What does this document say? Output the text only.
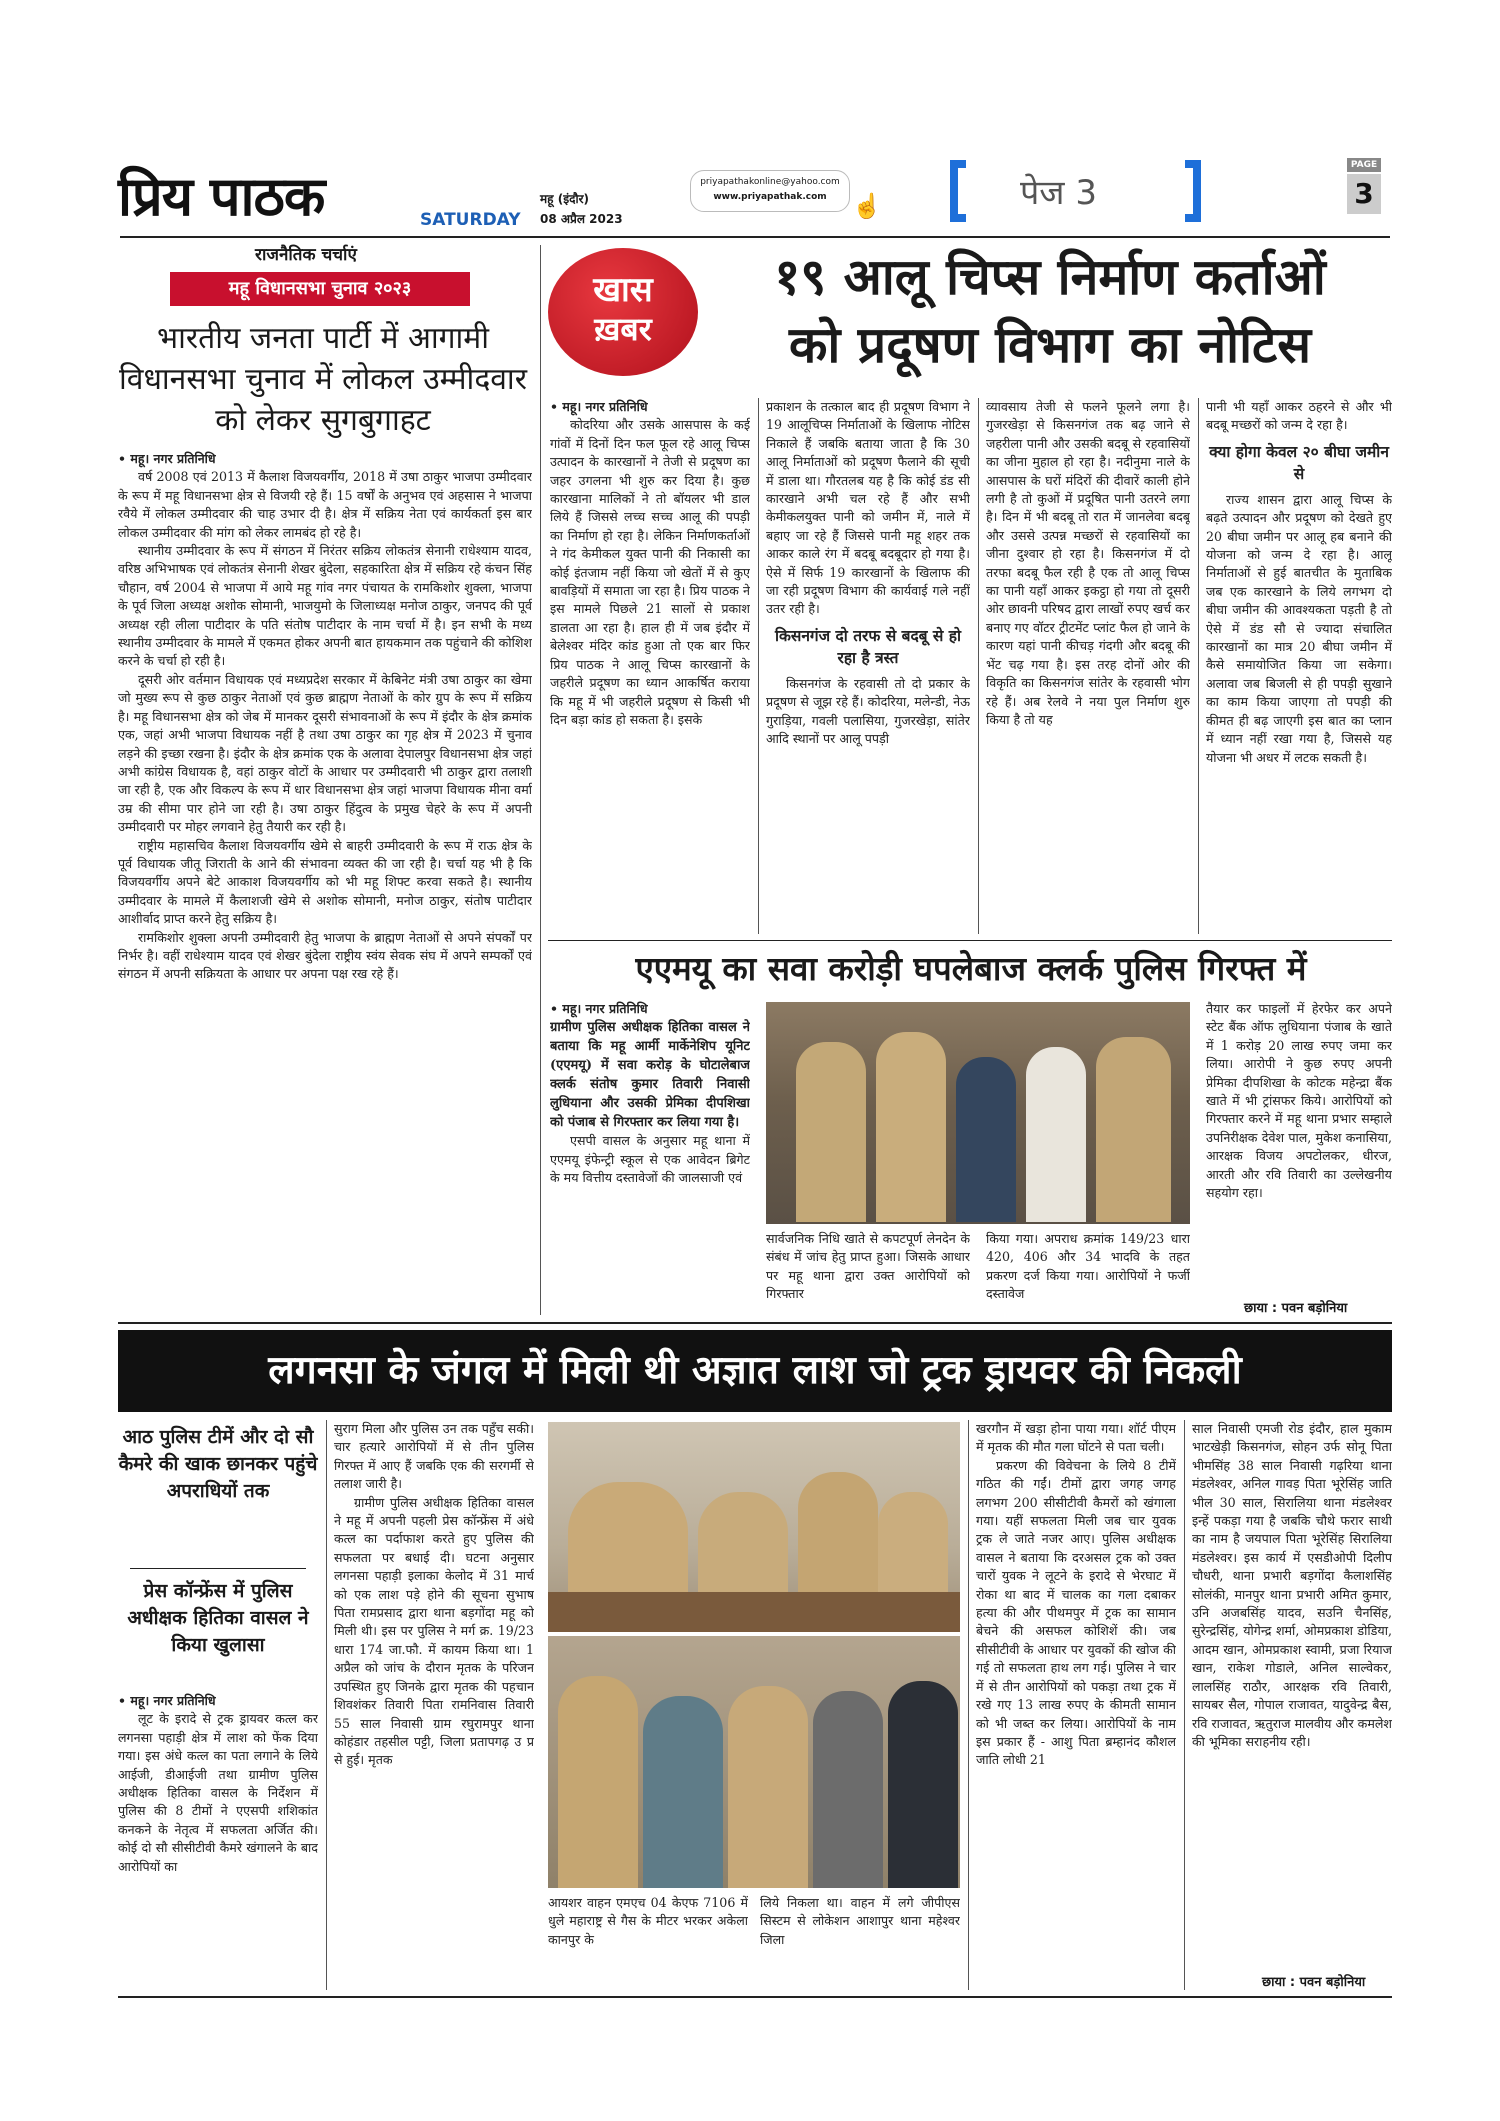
प्रिय पाठक	SATURDAY
महू (इंदौर)
08 अप्रैल 2023
priyapathakonline@yahoo.com
www.priyapathak.com	☝	पेज 3
PAGE
3
राजनैतिक चर्चाएं
महू विधानसभा चुनाव २०२३
भारतीय जनता पार्टी में आगामी विधानसभा चुनाव में लोकल उम्मीदवार को लेकर सुगबुगाहट
• महू। नगर प्रतिनिधि

वर्ष 2008 एवं 2013 में कैलाश विजयवर्गीय, 2018 में उषा ठाकुर भाजपा उम्मीदवार के रूप में महू विधानसभा क्षेत्र से विजयी रहे हैं। 15 वर्षों के अनुभव एवं अहसास ने भाजपा रवैये में लोकल उम्मीदवार की चाह उभार दी है। क्षेत्र में सक्रिय नेता एवं कार्यकर्ता इस बार लोकल उम्मीदवार की मांग को लेकर लामबंद हो रहे है।

स्थानीय उम्मीदवार के रूप में संगठन में निरंतर सक्रिय लोकतंत्र सेनानी राधेश्याम यादव, वरिष्ठ अभिभाषक एवं लोकतंत्र सेनानी शेखर बुंदेला, सहकारिता क्षेत्र में सक्रिय रहे कंचन सिंह चौहान, वर्ष 2004 से भाजपा में आये महू गांव नगर पंचायत के रामकिशोर शुक्ला, भाजपा के पूर्व जिला अध्यक्ष अशोक सोमानी, भाजयुमो के जिलाध्यक्ष मनोज ठाकुर, जनपद की पूर्व अध्यक्ष रही लीला पाटीदार के पति संतोष पाटीदार के नाम चर्चा में है। इन सभी के मध्य स्थानीय उम्मीदवार के मामले में एकमत होकर अपनी बात हायकमान तक पहुंचाने की कोशिश करने के चर्चा हो रही है।

दूसरी ओर वर्तमान विधायक एवं मध्यप्रदेश सरकार में केबिनेट मंत्री उषा ठाकुर का खेमा जो मुख्य रूप से कुछ ठाकुर नेताओं एवं कुछ ब्राह्मण नेताओं के कोर ग्रुप के रूप में सक्रिय है। महू विधानसभा क्षेत्र को जेब में मानकर दूसरी संभावनाओं के रूप में इंदौर के क्षेत्र क्रमांक एक, जहां अभी भाजपा विधायक नहीं है तथा उषा ठाकुर का गृह क्षेत्र में 2023 में चुनाव लड़ने की इच्छा रखना है। इंदौर के क्षेत्र क्रमांक एक के अलावा देपालपुर विधानसभा क्षेत्र जहां अभी कांग्रेस विधायक है, वहां ठाकुर वोटों के आधार पर उम्मीदवारी भी ठाकुर द्वारा तलाशी जा रही है, एक और विकल्प के रूप में धार विधानसभा क्षेत्र जहां भाजपा विधायक मीना वर्मा उम्र की सीमा पार होने जा रही है। उषा ठाकुर हिंदुत्व के प्रमुख चेहरे के रूप में अपनी उम्मीदवारी पर मोहर लगवाने हेतु तैयारी कर रही है।

राष्ट्रीय महासचिव कैलाश विजयवर्गीय खेमे से बाहरी उम्मीदवारी के रूप में राऊ क्षेत्र के पूर्व विधायक जीतू जिराती के आने की संभावना व्यक्त की जा रही है। चर्चा यह भी है कि विजयवर्गीय अपने बेटे आकाश विजयवर्गीय को भी महू शिफ्ट करवा सकते है। स्थानीय उम्मीदवार के मामले में कैलाशजी खेमे से अशोक सोमानी, मनोज ठाकुर, संतोष पाटीदार आशीर्वाद प्राप्त करने हेतु सक्रिय है।

रामकिशोर शुक्ला अपनी उम्मीदवारी हेतु भाजपा के ब्राह्मण नेताओं से अपने संपर्कों पर निर्भर है। वहीं राधेश्याम यादव एवं शेखर बुंदेला राष्ट्रीय स्वंय सेवक संघ में अपने सम्पर्कों एवं संगठन में अपनी सक्रियता के आधार पर अपना पक्ष रख रहे हैं।

खास
ख़बर
१९ आलू चिप्स निर्माण कर्ताओं
को प्रदूषण विभाग का नोटिस
• महू। नगर प्रतिनिधि

कोदरिया और उसके आसपास के कई गांवों में दिनों दिन फल फूल रहे आलू चिप्स उत्पादन के कारखानों ने तेजी से प्रदूषण का जहर उगलना भी शुरु कर दिया है। कुछ कारखाना मालिकों ने तो बॉयलर भी डाल लिये हैं जिससे लच्च सच्च आलू की पपड़ी का निर्माण हो रहा है। लेकिन निर्माणकर्ताओं ने गंद केमीकल युक्त पानी की निकासी का कोई इंतजाम नहीं किया जो खेतों में से कुए बावड़ियों में समाता जा रहा है। प्रिय पाठक ने इस मामले पिछले 21 सालों से प्रकाश डालता आ रहा है। हाल ही में जब इंदौर में बेलेश्वर मंदिर कांड हुआ तो एक बार फिर प्रिय पाठक ने आलू चिप्स कारखानों के जहरीले प्रदूषण का ध्यान आकर्षित कराया कि महू में भी जहरीले प्रदूषण से किसी भी दिन बड़ा कांड हो सकता है। इसके

प्रकाशन के तत्काल बाद ही प्रदूषण विभाग ने 19 आलूचिप्स निर्माताओं के खिलाफ नोटिस निकाले हैं जबकि बताया जाता है कि 30 आलू निर्माताओं को प्रदूषण फैलाने की सूची में डाला था। गौरतलब यह है कि कोई डंड सी कारखाने अभी चल रहे हैं और सभी केमीकलयुक्त पानी को जमीन में, नाले में बहाए जा रहे हैं जिससे पानी महू शहर तक आकर काले रंग में बदबू बदबूदार हो गया है। ऐसे में सिर्फ 19 कारखानों के खिलाफ की जा रही प्रदूषण विभाग की कार्यवाई गले नहीं उतर रही है।

किसनगंज दो तरफ से बदबू से हो रहा है त्रस्त

किसनगंज के रहवासी तो दो प्रकार के प्रदूषण से जूझ रहे हैं। कोदरिया, मलेन्डी, नेऊ गुराड़िया, गवली पलासिया, गुजरखेड़ा, सांतेर आदि स्थानों पर आलू पपड़ी

व्यावसाय तेजी से फलने फूलने लगा है। गुजरखेड़ा से किसनगंज तक बढ़ जाने से जहरीला पानी और उसकी बदबू से रहवासियों का जीना मुहाल हो रहा है। नदीनुमा नाले के आसपास के घरों मंदिरों की दीवारें काली होने लगी है तो कुओं में प्रदूषित पानी उतरने लगा है। दिन में भी बदबू तो रात में जानलेवा बदबू और उससे उत्पन्न मच्छरों से रहवासियों का जीना दुश्वार हो रहा है। किसनगंज में दो तरफा बदबू फैल रही है एक तो आलू चिप्स का पानी यहाँ आकर इकट्ठा हो गया तो दूसरी ओर छावनी परिषद द्वारा लाखों रुपए खर्च कर बनाए गए वॉटर ट्रीटमेंट प्लांट फैल हो जाने के कारण यहां पानी कीचड़ गंदगी और बदबू की भेंट चढ़ गया है। इस तरह दोनों ओर की विकृति का किसनगंज सांतेर के रहवासी भोग रहे हैं। अब रेलवे ने नया पुल निर्माण शुरु किया है तो यह

पानी भी यहाँ आकर ठहरने से और भी बदबू मच्छरों को जन्म दे रहा है।

क्या होगा केवल २० बीघा जमीन से

राज्य शासन द्वारा आलू चिप्स के बढ़ते उत्पादन और प्रदूषण को देखते हुए 20 बीघा जमीन पर आलू हब बनाने की योजना को जन्म दे रहा है। आलू निर्माताओं से हुई बातचीत के मुताबिक जब एक कारखाने के लिये लगभग दो बीघा जमीन की आवश्यकता पड़ती है तो ऐसे में डंड सौ से ज्यादा संचालित कारखानों का मात्र 20 बीघा जमीन में कैसे समायोजित किया जा सकेगा। अलावा जब बिजली से ही पपड़ी सुखाने का काम किया जाएगा तो पपड़ी की कीमत ही बढ़ जाएगी इस बात का प्लान में ध्यान नहीं रखा गया है, जिससे यह योजना भी अधर में लटक सकती है।

एएमयू का सवा करोड़ी घपलेबाज क्लर्क पुलिस गिरफ्त में
• महू। नगर प्रतिनिधि

ग्रामीण पुलिस अधीक्षक हितिका वासल ने बताया कि महू आर्मी मार्केनेशिप यूनिट (एएमयू) में सवा करोड़ के घोटालेबाज क्लर्क संतोष कुमार तिवारी निवासी लुधियाना और उसकी प्रेमिका दीपशिखा को पंजाब से गिरफ्तार कर लिया गया है।

एसपी वासल के अनुसार महू थाना में एएमयू इंफेन्ट्री स्कूल से एक आवेदन ब्रिगेट के मय वित्तीय दस्तावेजों की जालसाजी एवं

सार्वजनिक निधि खाते से कपटपूर्ण लेनदेन के संबंध में जांच हेतु प्राप्त हुआ। जिसके आधार पर महू थाना द्वारा उक्त आरोपियों को गिरफ्तार

किया गया। अपराध क्रमांक 149/23 धारा 420, 406 और 34 भादवि के तहत प्रकरण दर्ज किया गया। आरोपियों ने फर्जी दस्तावेज

तैयार कर फाइलों में हेरफेर कर अपने स्टेट बैंक ऑफ लुधियाना पंजाब के खाते में 1 करोड़ 20 लाख रुपए जमा कर लिया। आरोपी ने कुछ रुपए अपनी प्रेमिका दीपशिखा के कोटक महेन्द्रा बैंक खाते में भी ट्रांसफर किये। आरोपियों को गिरफ्तार करने में महू थाना प्रभार सम्हाले उपनिरीक्षक देवेश पाल, मुकेश कनासिया, आरक्षक विजय अपटोलकर, धीरज, आरती और रवि तिवारी का उल्लेखनीय सहयोग रहा।

छाया : पवन बड़ोनिया
लगनसा के जंगल में मिली थी अज्ञात लाश जो ट्रक ड्रायवर की निकली
आठ पुलिस टीमें और दो सौ कैमरे की खाक छानकर पहुंचे अपराधियों तक
प्रेस कॉन्फ्रेंस में पुलिस अधीक्षक हितिका वासल ने किया खुलासा
• महू। नगर प्रतिनिधि

लूट के इरादे से ट्रक ड्रायवर कत्ल कर लगनसा पहाड़ी क्षेत्र में लाश को फेंक दिया गया। इस अंधे कत्ल का पता लगाने के लिये आईजी, डीआईजी तथा ग्रामीण पुलिस अधीक्षक हितिका वासल के निर्देशन में पुलिस की 8 टीमों ने एएसपी शशिकांत कनकने के नेतृत्व में सफलता अर्जित की। कोई दो सौ सीसीटीवी कैमरे खंगालने के बाद आरोपियों का

सुराग मिला और पुलिस उन तक पहुँच सकी। चार हत्यारे आरोपियों में से तीन पुलिस गिरफ्त में आए हैं जबकि एक की सरगर्मी से तलाश जारी है।

ग्रामीण पुलिस अधीक्षक हितिका वासल ने महू में अपनी पहली प्रेस कॉन्फ्रेंस में अंधे कत्ल का पर्दाफाश करते हुए पुलिस की सफलता पर बधाई दी। घटना अनुसार लगनसा पहाड़ी इलाका केलोद में 31 मार्च को एक लाश पड़े होने की सूचना सुभाष पिता रामप्रसाद द्वारा थाना बड़गोंदा महू को मिली थी। इस पर पुलिस ने मर्ग क्र. 19/23 धारा 174 जा.फौ. में कायम किया था। 1 अप्रैल को जांच के दौरान मृतक के परिजन उपस्थित हुए जिनके द्वारा मृतक की पहचान शिवशंकर तिवारी पिता रामनिवास तिवारी 55 साल निवासी ग्राम रघुरामपुर थाना कोहंडार तहसील पट्टी, जिला प्रतापगढ़ उ प्र से हुई। मृतक

आयशर वाहन एमएच 04 केएफ 7106 में धुले महाराष्ट्र से गैस के मीटर भरकर अकेला कानपुर के

लिये निकला था। वाहन में लगे जीपीएस सिस्टम से लोकेशन आशापुर थाना महेश्वर जिला

खरगौन में खड़ा होना पाया गया। शॉर्ट पीएम में मृतक की मौत गला घोंटने से पता चली।

प्रकरण की विवेचना के लिये 8 टीमें गठित की गईं। टीमों द्वारा जगह जगह लगभग 200 सीसीटीवी कैमरों को खंगाला गया। यहीं सफलता मिली जब चार युवक ट्रक ले जाते नजर आए। पुलिस अधीक्षक वासल ने बताया कि दरअसल ट्रक को उक्त चारों युवक ने लूटने के इरादे से भेरघाट में रोका था बाद में चालक का गला दबाकर हत्या की और पीथमपुर में ट्रक का सामान बेचने की असफल कोशिशें की। जब सीसीटीवी के आधार पर युवकों की खोज की गई तो सफलता हाथ लग गई। पुलिस ने चार में से तीन आरोपियों को पकड़ा तथा ट्रक में रखे गए 13 लाख रुपए के कीमती सामान को भी जब्त कर लिया। आरोपियों के नाम इस प्रकार हैं - आशु पिता ब्रम्हानंद कौशल जाति लोधी 21

साल निवासी एमजी रोड इंदौर, हाल मुकाम भाटखेड़ी किसनगंज, सोहन उर्फ सोनू पिता भीमसिंह 38 साल निवासी गढ़रिया थाना मंडलेश्वर, अनिल गावड़ पिता भूरेसिंह जाति भील 30 साल, सिरालिया थाना मंडलेश्वर इन्हें पकड़ा गया है जबकि चौथे फरार साथी का नाम है जयपाल पिता भूरेसिंह सिरालिया मंडलेश्वर। इस कार्य में एसडीओपी दिलीप चौधरी, थाना प्रभारी बड़गोंदा कैलाशसिंह सोलंकी, मानपुर थाना प्रभारी अमित कुमार, उनि अजबसिंह यादव, सउनि चैनसिंह, सुरेन्द्रसिंह, योगेन्द्र शर्मा, ओमप्रकाश डोडिया, आदम खान, ओमप्रकाश स्वामी, प्रजा रियाज खान, राकेश गोडाले, अनिल साल्वेकर, लालसिंह राठौर, आरक्षक रवि तिवारी, सायबर सैल, गोपाल राजावत, यादुवेन्द्र बैस, रवि राजावत, ऋतुराज मालवीय और कमलेश की भूमिका सराहनीय रही।

छाया : पवन बड़ोनिया
